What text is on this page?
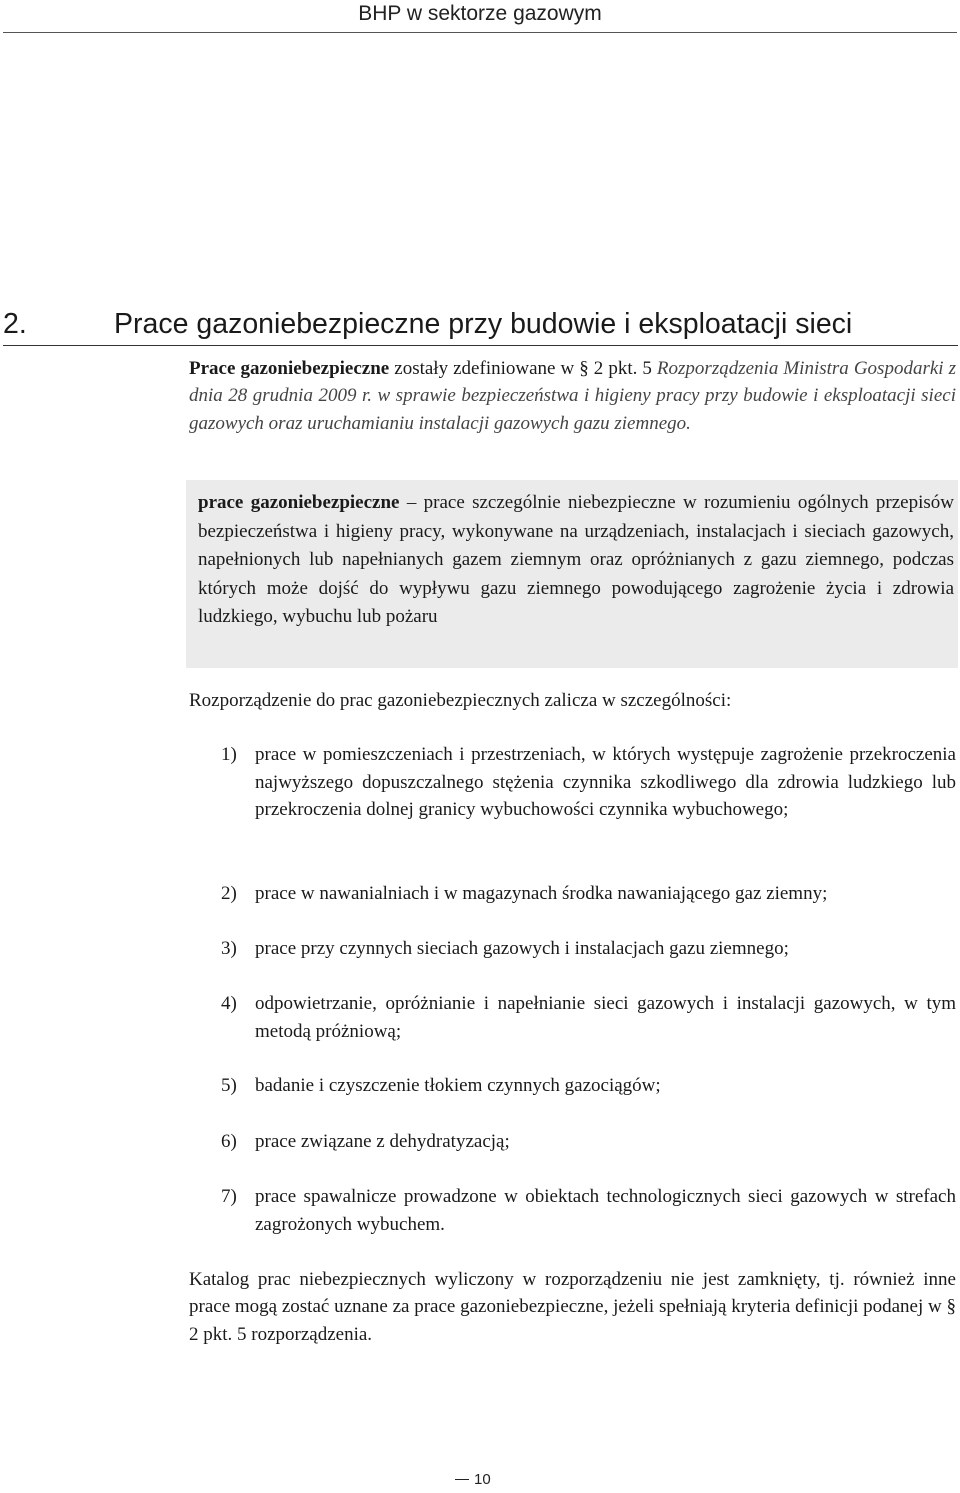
BHP w sektorze gazowym
2.	Prace gazoniebezpieczne przy budowie i eksploatacji sieci

Prace gazoniebezpieczne zostały zdefiniowane w § 2 pkt. 5 Rozporządzenia Ministra Gospodarki z dnia 28 grudnia 2009 r. w sprawie bezpieczeństwa i higieny pracy przy budowie i eksploatacji sieci gazowych oraz uruchamianiu instalacji gazowych gazu ziemnego.

prace gazoniebezpieczne – prace szczególnie niebezpieczne w rozumieniu ogólnych przepisów bezpieczeństwa i higieny pracy, wykonywane na urządzeniach, instalacjach i sieciach gazowych, napełnionych lub napełnianych gazem ziemnym oraz opróżnianych z gazu ziemnego, podczas których może dojść do wypływu gazu ziemnego powodującego zagrożenie życia i zdrowia ludzkiego, wybuchu lub pożaru

Rozporządzenie do prac gazoniebezpiecznych zalicza w szczególności:

1) prace w pomieszczeniach i przestrzeniach, w których występuje zagrożenie przekroczenia najwyższego dopuszczalnego stężenia czynnika szkodliwego dla zdrowia ludzkiego lub przekroczenia dolnej granicy wybuchowości czynnika wybuchowego;
2) prace w nawanialniach i w magazynach środka nawaniającego gaz ziemny;
3) prace przy czynnych sieciach gazowych i instalacjach gazu ziemnego;
4) odpowietrzanie, opróżnianie i napełnianie sieci gazowych i instalacji gazowych, w tym metodą próżniową;
5) badanie i czyszczenie tłokiem czynnych gazociągów;
6) prace związane z dehydratyzacją;
7) prace spawalnicze prowadzone w obiektach technologicznych sieci gazowych w strefach zagrożonych wybuchem.

Katalog prac niebezpiecznych wyliczony w rozporządzeniu nie jest zamknięty, tj. również inne prace mogą zostać uznane za prace gazoniebezpieczne, jeżeli spełniają kryteria definicji podanej w § 2 pkt. 5 rozporządzenia.

10
